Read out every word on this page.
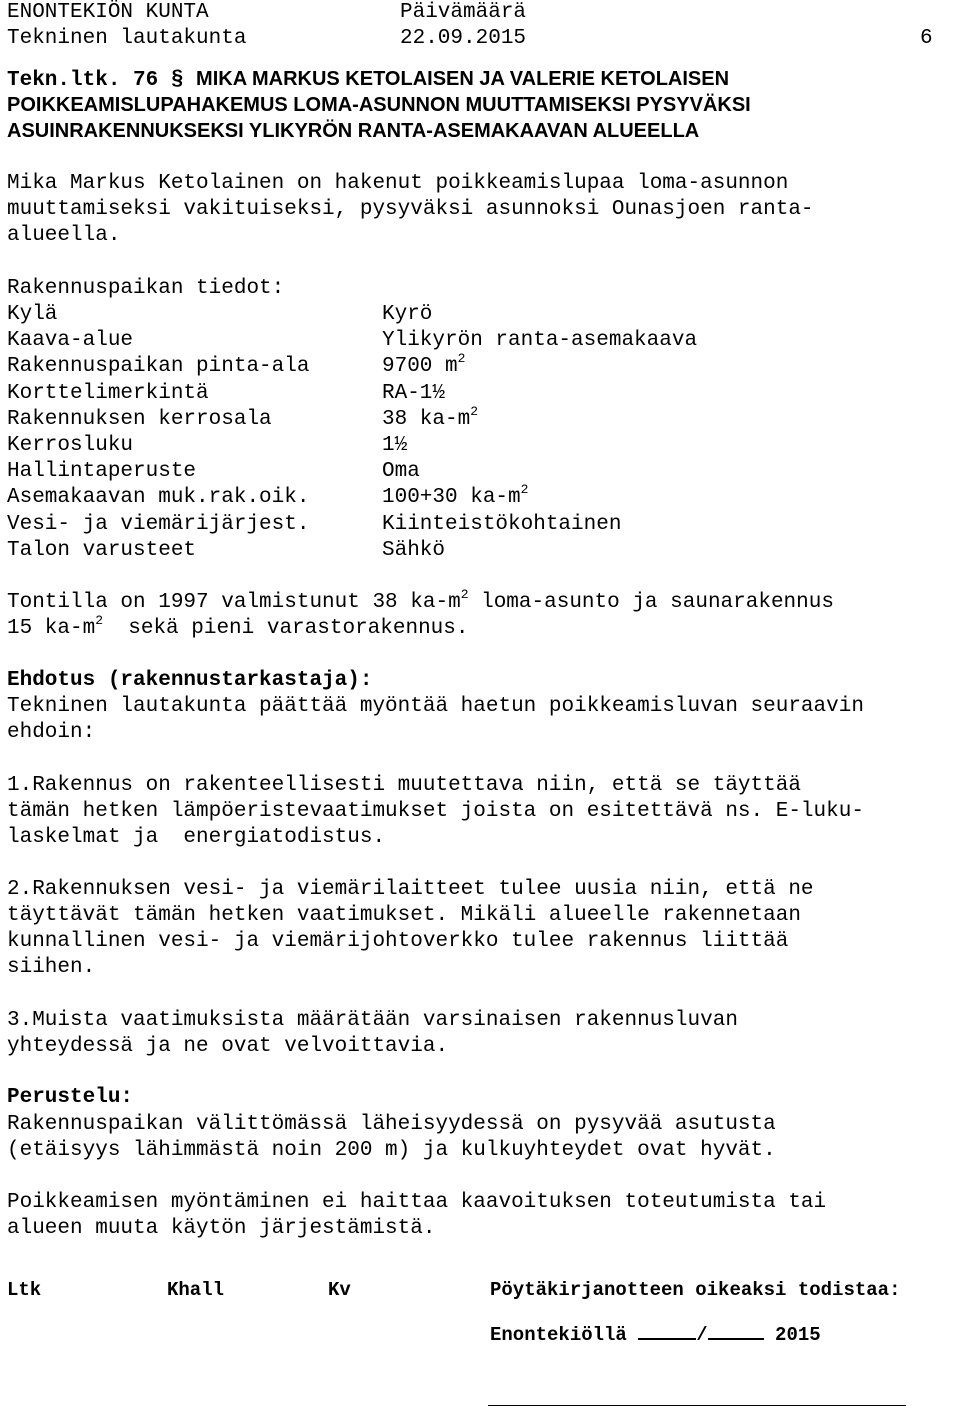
ENONTEKIÖN KUNTA	Päivämäärä
Tekninen lautakunta	22.09.2015	6
Tekn.ltk. 76 § MIKA MARKUS KETOLAISEN JA VALERIE KETOLAISEN
POIKKEAMISLUPAHAKEMUS LOMA-ASUNNON MUUTTAMISEKSI PYSYVÄKSI
ASUINRAKENNUKSEKSI YLIKYRÖN RANTA-ASEMAKAAVAN ALUEELLA
Mika Markus Ketolainen on hakenut poikkeamislupaa loma-asunnon
muuttamiseksi vakituiseksi, pysyväksi asunnoksi Ounasjoen ranta-
alueella.
Rakennuspaikan tiedot:
Kylä	Kyrö
Kaava-alue	Ylikyrön ranta-asemakaava
Rakennuspaikan pinta-ala	9700 $m^2$
Korttelimerkintä	RA-1½
Rakennuksen kerrosala	38 $ka-m^2$
Kerrosluku	1½
Hallintaperuste	Oma
Asemakaavan muk.rak.oik.	100+30 $ka-m^2$
Vesi- ja viemärijärjest.	Kiinteistökohtainen
Talon varusteet	Sähkö
Tontilla on 1997 valmistunut 38 $ka-m^2$ loma-asunto ja saunarakennus
15 $ka-m^2$  sekä pieni varastorakennus.
Ehdotus (rakennustarkastaja):
Tekninen lautakunta päättää myöntää haetun poikkeamisluvan seuraavin
ehdoin:
1.Rakennus on rakenteellisesti muutettava niin, että se täyttää
tämän hetken lämpöeristevaatimukset joista on esitettävä ns. E-luku-
laskelmat ja  energiatodistus.
2.Rakennuksen vesi- ja viemärilaitteet tulee uusia niin, että ne
täyttävät tämän hetken vaatimukset. Mikäli alueelle rakennetaan
kunnallinen vesi- ja viemärijohtoverkko tulee rakennus liittää
siihen.
3.Muista vaatimuksista määrätään varsinaisen rakennusluvan
yhteydessä ja ne ovat velvoittavia.
Perustelu:
Rakennuspaikan välittömässä läheisyydessä on pysyvää asutusta
(etäisyys lähimmästä noin 200 m) ja kulkuyhteydet ovat hyvät.
Poikkeamisen myöntäminen ei haittaa kaavoituksen toteutumista tai
alueen muuta käytön järjestämistä.
Ltk	Khall	Kv	Pöytäkirjanotteen oikeaksi todistaa:
Enontekiöllä	/	2015
